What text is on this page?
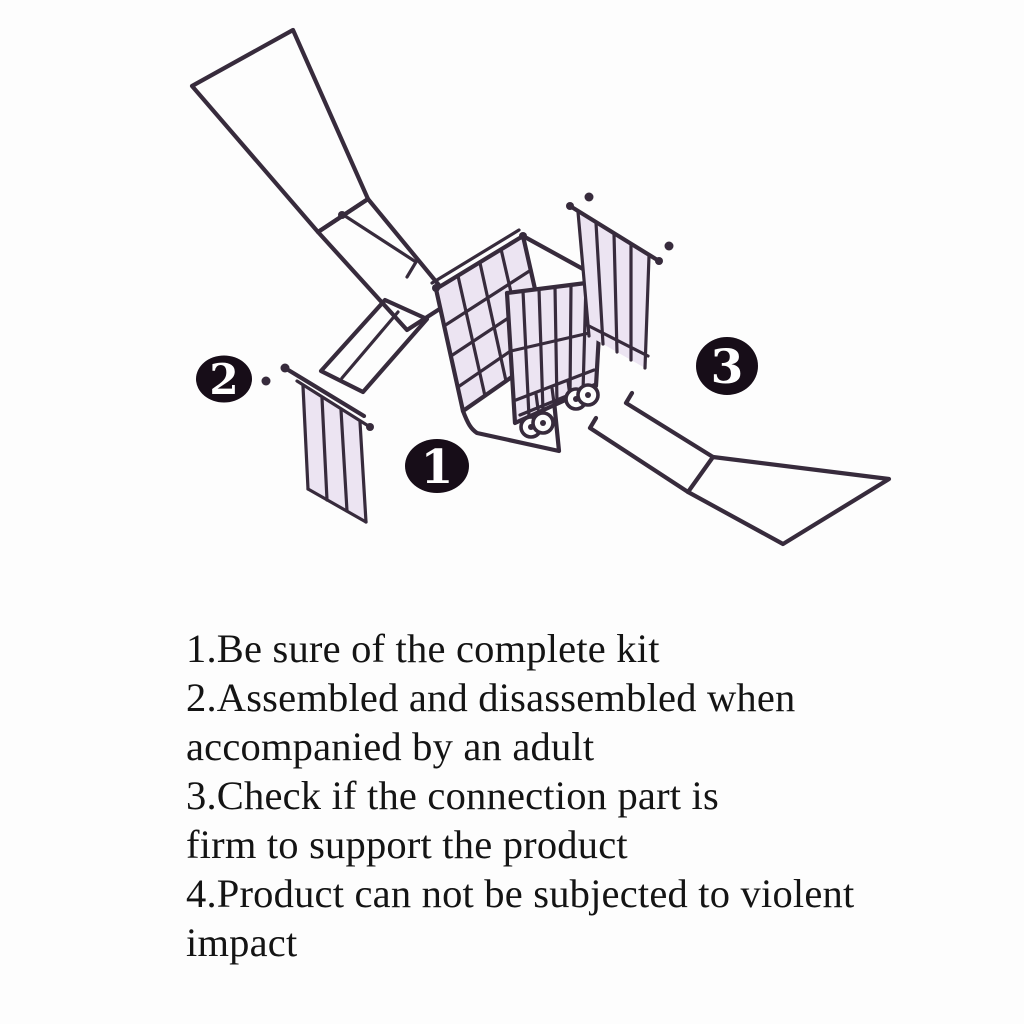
1
2	3
1.Be sure of the complete kit
2.Assembled and disassembled when
accompanied by an adult
3.Check if the connection part is
firm to support the product
4.Product can not be subjected to violent
impact
